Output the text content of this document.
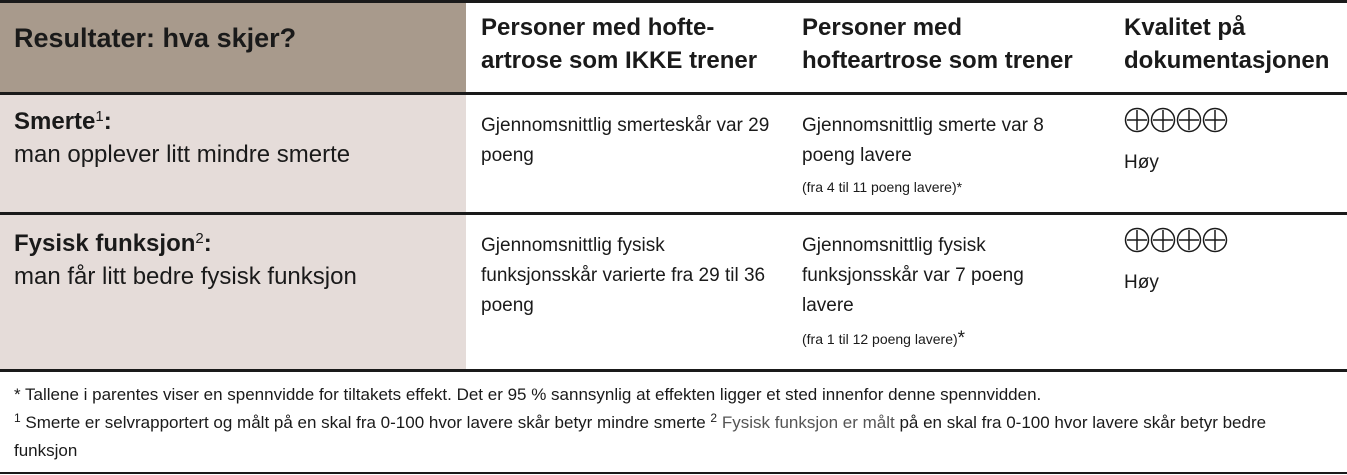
Resultater: hva skjer?	Personer med hofte-
artrose som IKKE trener
Personer med
hofteartrose som trener
Kvalitet på
dokumentasjonen
Smerte$^1$:
man opplever litt mindre smerte
Gjennomsnittlig smerteskår var 29 poeng
Gjennomsnittlig smerte var 8 poeng lavere
(fra 4 til 11 poeng lavere)*
Høy
Fysisk funksjon$^2$:
man får litt bedre fysisk funksjon
Gjennomsnittlig fysisk funksjonsskår varierte fra 29 til 36 poeng
Gjennomsnittlig fysisk funksjonsskår var 7 poeng lavere
(fra 1 til 12 poeng lavere)*
Høy
* Tallene i parentes viser en spennvidde for tiltakets effekt. Det er 95 % sannsynlig at effekten ligger et sted innenfor denne spennvidden.
$^1$ Smerte er selvrapportert og målt på en skal fra 0-100 hvor lavere skår betyr mindre smerte $^2$ Fysisk funksjon er målt på en skal fra 0-100 hvor lavere skår betyr bedre funksjon
